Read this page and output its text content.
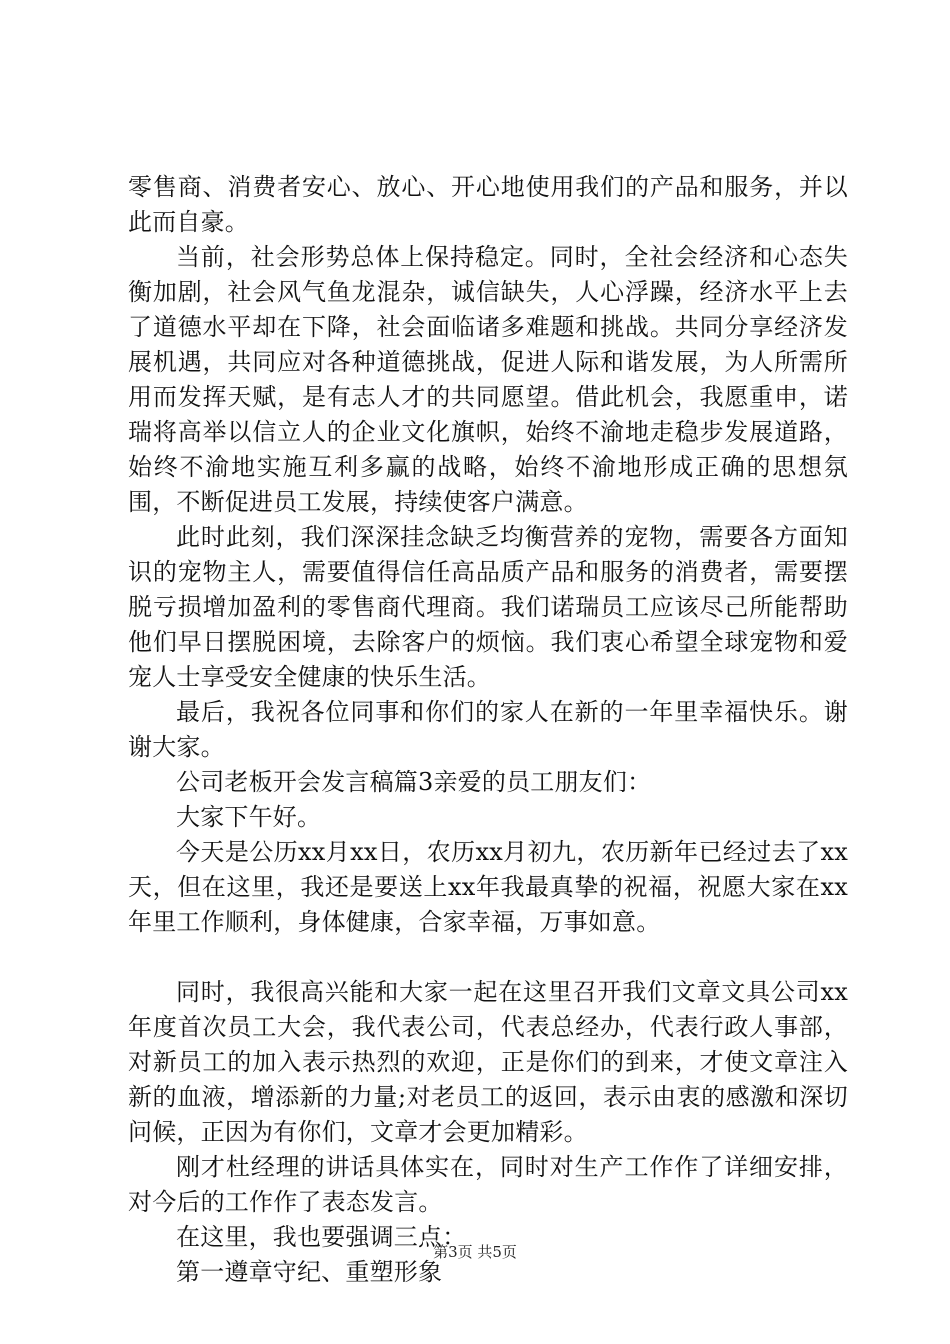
零售商、消费者安心、放心、开心地使用我们的产品和服务，并以此而自豪。

当前，社会形势总体上保持稳定。同时，全社会经济和心态失衡加剧，社会风气鱼龙混杂，诚信缺失，人心浮躁，经济水平上去了道德水平却在下降，社会面临诸多难题和挑战。共同分享经济发展机遇，共同应对各种道德挑战，促进人际和谐发展，为人所需所用而发挥天赋，是有志人才的共同愿望。借此机会，我愿重申，诺瑞将高举以信立人的企业文化旗帜，始终不渝地走稳步发展道路，始终不渝地实施互利多赢的战略，始终不渝地形成正确的思想氛围，不断促进员工发展，持续使客户满意。

此时此刻，我们深深挂念缺乏均衡营养的宠物，需要各方面知识的宠物主人，需要值得信任高品质产品和服务的消费者，需要摆脱亏损增加盈利的零售商代理商。我们诺瑞员工应该尽己所能帮助他们早日摆脱困境，去除客户的烦恼。我们衷心希望全球宠物和爱宠人士享受安全健康的快乐生活。

最后，我祝各位同事和你们的家人在新的一年里幸福快乐。谢谢大家。

公司老板开会发言稿篇3亲爱的员工朋友们：

大家下午好。

今天是公历xx月xx日，农历xx月初九，农历新年已经过去了xx天，但在这里，我还是要送上xx年我最真挚的祝福，祝愿大家在xx年里工作顺利，身体健康，合家幸福，万事如意。

同时，我很高兴能和大家一起在这里召开我们文章文具公司xx年度首次员工大会，我代表公司，代表总经办，代表行政人事部，对新员工的加入表示热烈的欢迎，正是你们的到来，才使文章注入新的血液，增添新的力量;对老员工的返回，表示由衷的感激和深切问候，正因为有你们，文章才会更加精彩。

刚才杜经理的讲话具体实在，同时对生产工作作了详细安排，对今后的工作作了表态发言。

在这里，我也要强调三点：

第一遵章守纪、重塑形象

第3页 共5页
